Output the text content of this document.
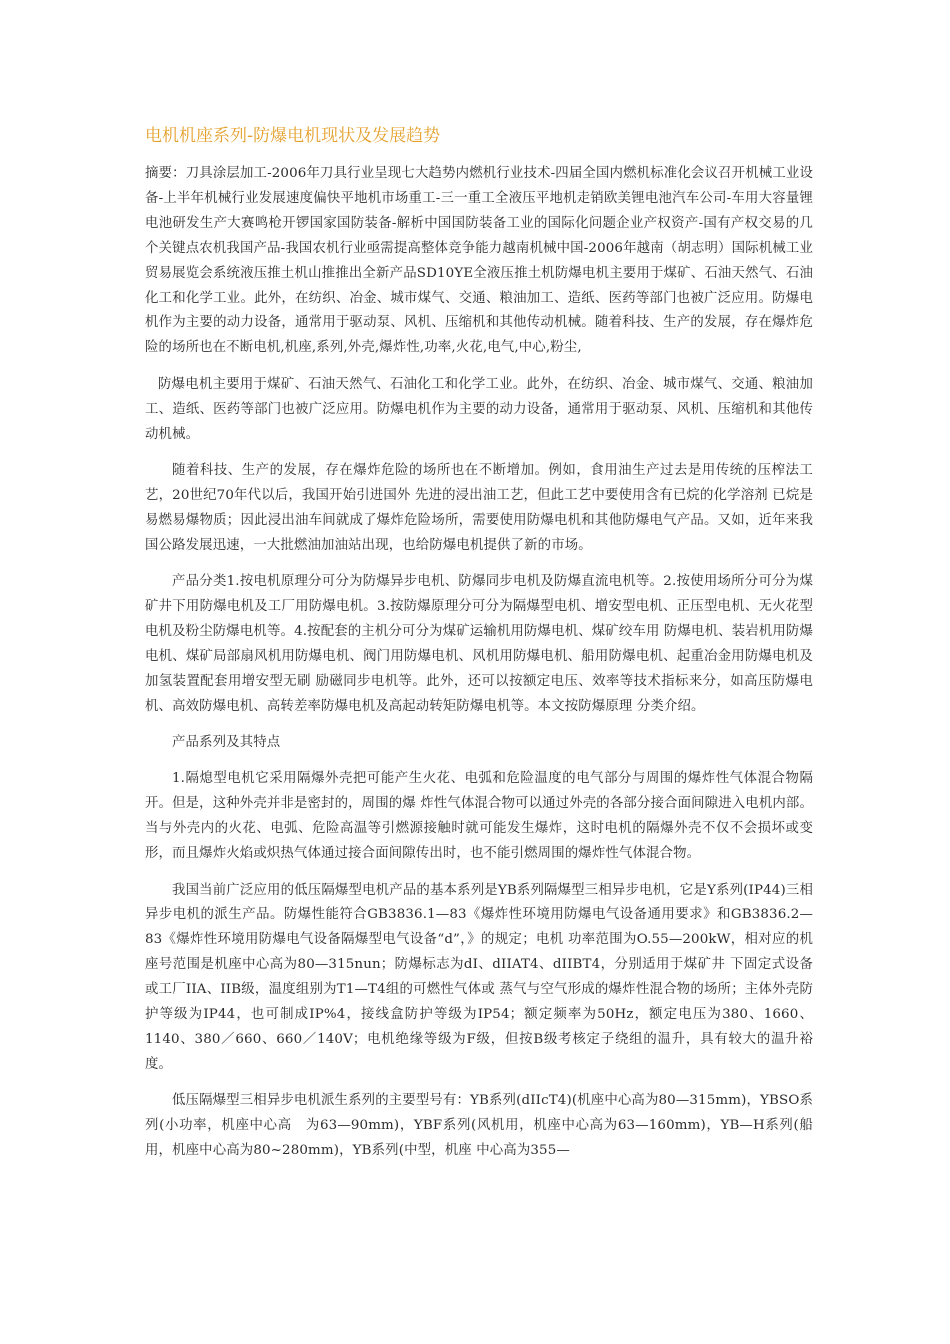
电机机座系列-防爆电机现状及发展趋势

摘要：刀具涂层加工-2006年刀具行业呈现七大趋势内燃机行业技术-四届全国内燃机标准化会议召开机械工业设备-上半年机械行业发展速度偏快平地机市场重工-三一重工全液压平地机走销欧美锂电池汽车公司-车用大容量锂电池研发生产大赛鸣枪开锣国家国防装备-解析中国国防装备工业的国际化问题企业产权资产-国有产权交易的几个关键点农机我国产品-我国农机行业亟需提高整体竞争能力越南机械中国-2006年越南（胡志明）国际机械工业贸易展览会系统液压推土机山推推出全新产品SD10YE全液压推土机防爆电机主要用于煤矿、石油天然气、石油化工和化学工业。此外，在纺织、冶金、城市煤气、交通、粮油加工、造纸、医药等部门也被广泛应用。防爆电机作为主要的动力设备，通常用于驱动泵、风机、压缩机和其他传动机械。随着科技、生产的发展，存在爆炸危险的场所也在不断电机,机座,系列,外壳,爆炸性,功率,火花,电气,中心,粉尘,

防爆电机主要用于煤矿、石油天然气、石油化工和化学工业。此外，在纺织、冶金、城市煤气、交通、粮油加工、造纸、医药等部门也被广泛应用。防爆电机作为主要的动力设备，通常用于驱动泵、风机、压缩机和其他传动机械。

随着科技、生产的发展，存在爆炸危险的场所也在不断增加。例如，食用油生产过去是用传统的压榨法工艺，20世纪70年代以后，我国开始引进国外 先进的浸出油工艺，但此工艺中要使用含有已烷的化学溶剂 已烷是易燃易爆物质；因此浸出油车间就成了爆炸危险场所，需要使用防爆电机和其他防爆电气产品。又如，近年来我国公路发展迅速，一大批燃油加油站出现，也给防爆电机提供了新的市场。

产品分类1.按电机原理分可分为防爆异步电机、防爆同步电机及防爆直流电机等。2.按使用场所分可分为煤矿井下用防爆电机及工厂用防爆电机。3.按防爆原理分可分为隔爆型电机、增安型电机、正压型电机、无火花型电机及粉尘防爆电机等。4.按配套的主机分可分为煤矿运输机用防爆电机、煤矿绞车用 防爆电机、装岩机用防爆电机、煤矿局部扇风机用防爆电机、阀门用防爆电机、风机用防爆电机、船用防爆电机、起重冶金用防爆电机及加氢装置配套用增安型无刷 励磁同步电机等。此外，还可以按额定电压、效率等技术指标来分，如高压防爆电机、高效防爆电机、高转差率防爆电机及高起动转矩防爆电机等。本文按防爆原理 分类介绍。

产品系列及其特点

1.隔熄型电机它采用隔爆外壳把可能产生火花、电弧和危险温度的电气部分与周围的爆炸性气体混合物隔开。但是，这种外壳并非是密封的，周围的爆 炸性气体混合物可以通过外壳的各部分接合面间隙进入电机内部。当与外壳内的火花、电弧、危险高温等引燃源接触时就可能发生爆炸，这时电机的隔爆外壳不仅不会损坏或变形，而且爆炸火焰或炽热气体通过接合面间隙传出时，也不能引燃周围的爆炸性气体混合物。

我国当前广泛应用的低压隔爆型电机产品的基本系列是YB系列隔爆型三相异步电机，它是Y系列(IP44)三相异步电机的派生产品。防爆性能符合GB3836.1—83《爆炸性环境用防爆电气设备通用要求》和GB3836.2—83《爆炸性环境用防爆电气设备隔爆型电气设备“d”，》的规定；电机 功率范围为O.55—200kW，相对应的机座号范围是机座中心高为80—315nun；防爆标志为dI、dIIAT4、dIIBT4，分别适用于煤矿井 下固定式设备或工厂IIA、IIB级，温度组别为T1—T4组的可燃性气体或 蒸气与空气形成的爆炸性混合物的场所；主体外壳防护等级为IP44，也可制成IP%4，接线盒防护等级为IP54；额定频率为50Hz，额定电压为380、1660、1140、380／660、660／140V；电机绝缘等级为F级，但按B级考核定子绕组的温升，具有较大的温升裕度。

低压隔爆型三相异步电机派生系列的主要型号有：YB系列(dIIcT4)(机座中心高为80—315mm)，YBSO系列(小功率，机座中心高　为63—90mm)，YBF系列(风机用，机座中心高为63—160mm)，YB—H系列(船用，机座中心高为80~280mm)，YB系列(中型，机座 中心高为355—
